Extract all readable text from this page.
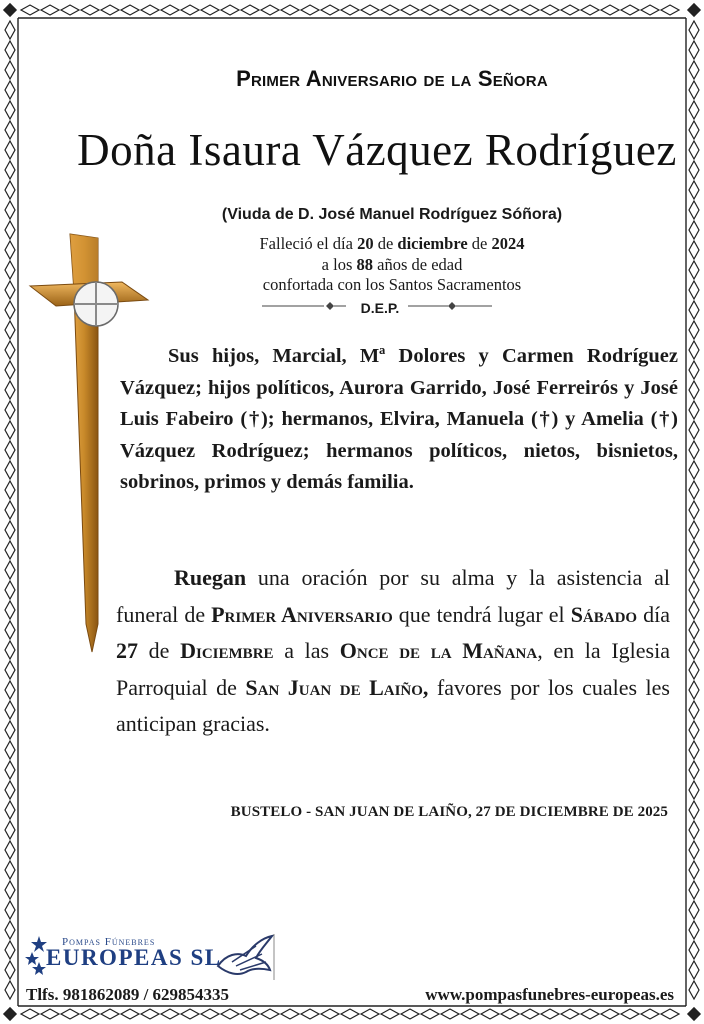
Primer Aniversario de la Señora
Doña Isaura Vázquez Rodríguez
(Viuda de D. José Manuel Rodríguez Sóñora)
Falleció el día 20 de diciembre de 2024
a los 88 años de edad
confortada con los Santos Sacramentos
D.E.P.
Sus hijos, Marcial, Mª Dolores y Carmen Rodríguez Vázquez; hijos políticos, Aurora Garrido, José Ferreirós y José Luis Fabeiro (†); hermanos, Elvira, Manuela (†) y Amelia (†) Vázquez Rodríguez; hermanos políticos, nietos, bisnietos, sobrinos, primos y demás familia.
Ruegan una oración por su alma y la asistencia al funeral de Primer Aniversario que tendrá lugar el Sábado día 27 de Diciembre a las Once de la Mañana, en la Iglesia Parroquial de San Juan de Laiño, favores por los cuales les anticipan gracias.
BUSTELO - SAN JUAN DE LAIÑO, 27 DE DICIEMBRE DE 2025
Pompas Fúnebres
EUROPEAS SL
Tlfs. 981862089 / 629854335	www.pompasfunebres-europeas.es
